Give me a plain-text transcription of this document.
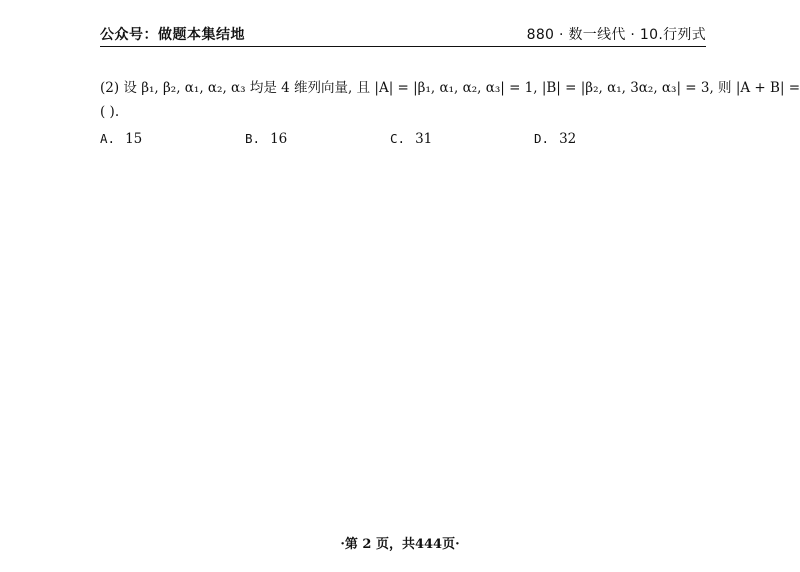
公众号：做题本集结地	880 · 数一线代 · 10.行列式
(2) 设 β₁, β₂, α₁, α₂, α₃ 均是 4 维列向量, 且 |A| = |β₁, α₁, α₂, α₃| = 1, |B| = |β₂, α₁, 3α₂, α₃| = 3, 则 |A + B| =
( ).
A. 15	B. 16	C. 31	D. 32
·第 2 页，共444页·
